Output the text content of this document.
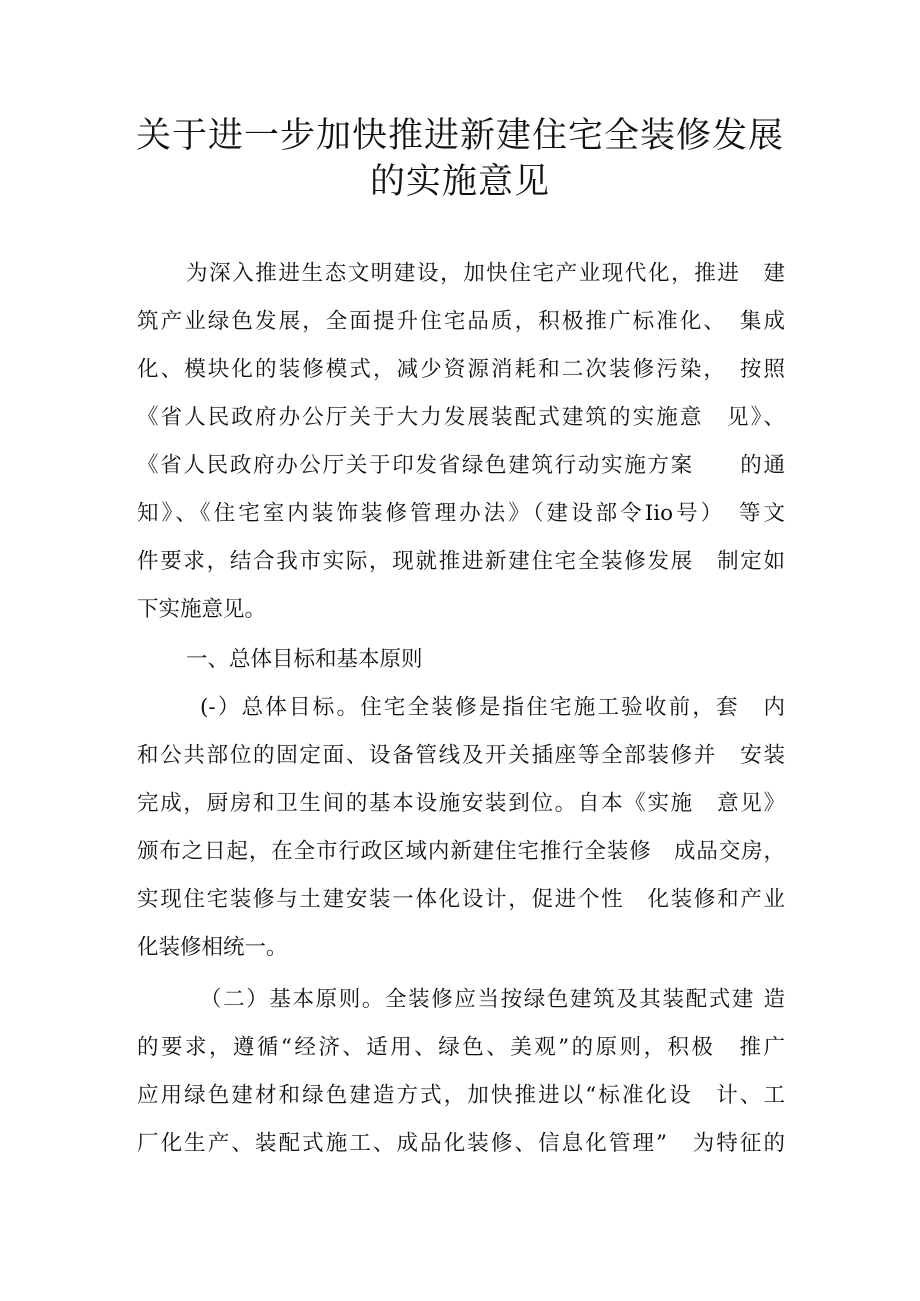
关于进一步加快推进新建住宅全装修发展
的实施意见
为深入推进生态文明建设，加快住宅产业现代化，推进　建
筑产业绿色发展，全面提升住宅品质，积极推广标准化、　集成
化、模块化的装修模式，减少资源消耗和二次装修污染，　按照
《省人民政府办公厅关于大力发展装配式建筑的实施意　见》、
《省人民政府办公厅关于印发省绿色建筑行动实施方案　　的通
知》、《住宅室内装饰装修管理办法》（建设部令Iio号）　等文
件要求，结合我市实际，现就推进新建住宅全装修发展　制定如
下实施意见。
一、总体目标和基本原则
(-）总体目标。住宅全装修是指住宅施工验收前，套　内
和公共部位的固定面、设备管线及开关插座等全部装修并　安装
完成，厨房和卫生间的基本设施安装到位。自本《实施　意见》
颁布之日起，在全市行政区域内新建住宅推行全装修　成品交房，
实现住宅装修与土建安装一体化设计，促进个性　化装修和产业
化装修相统一。
（二）基本原则。全装修应当按绿色建筑及其装配式建 造
的要求，遵循“经济、适用、绿色、美观”的原则，积极　推广
应用绿色建材和绿色建造方式，加快推进以“标准化设　计、工
厂化生产、装配式施工、成品化装修、信息化管理”　为特征的
